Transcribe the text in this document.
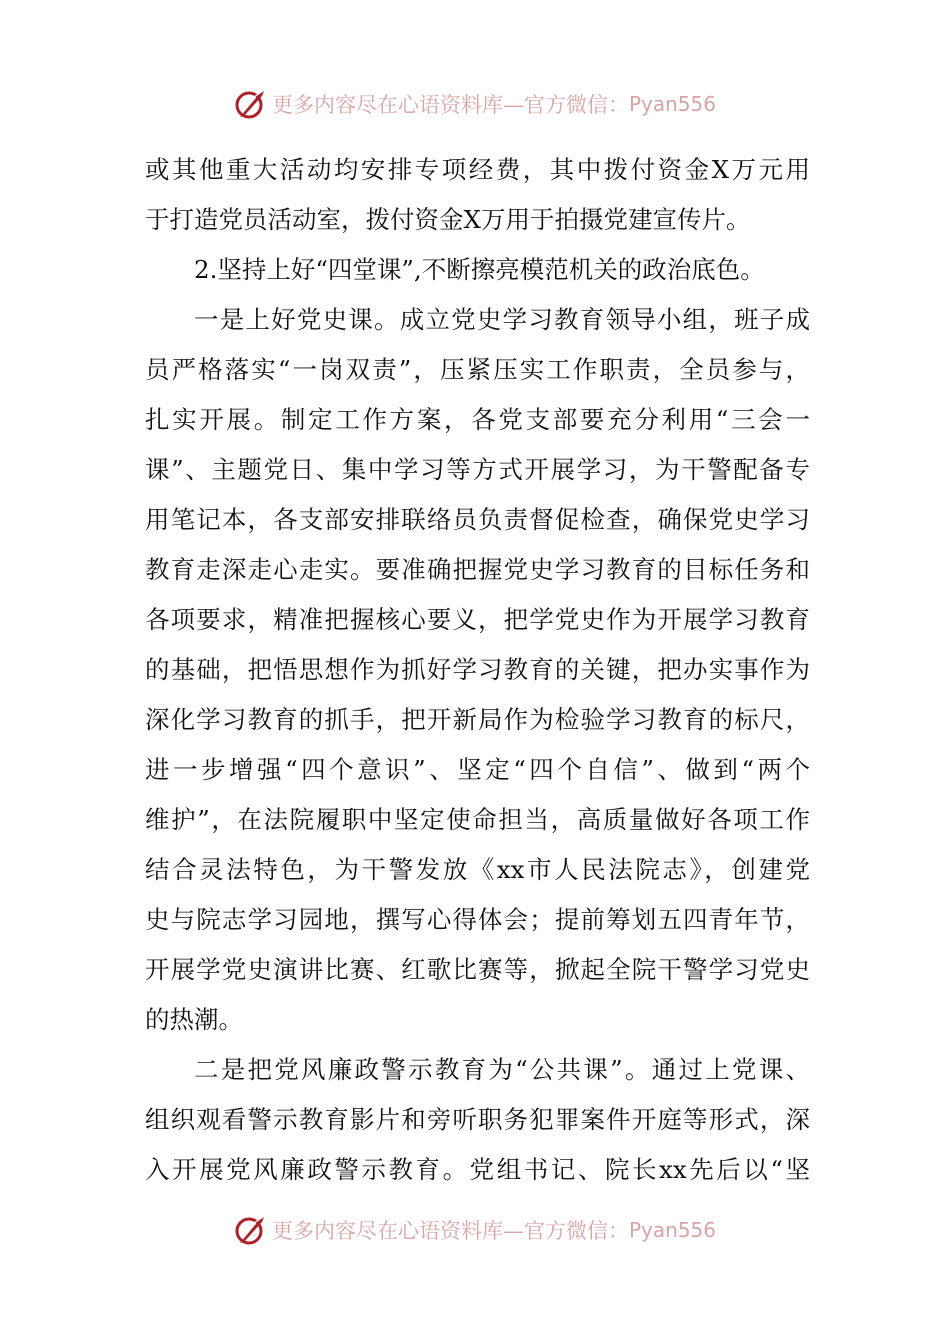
更多内容尽在心语资料库—官方微信： Pyan556
或其他重大活动均安排专项经费，其中拨付资金X万元用
于打造党员活动室，拨付资金X万用于拍摄党建宣传片。
2.坚持上好“四堂课”,不断擦亮模范机关的政治底色。
一是上好党史课。成立党史学习教育领导小组，班子成
员严格落实“一岗双责”，压紧压实工作职责，全员参与，
扎实开展。制定工作方案，各党支部要充分利用“三会一
课”、主题党日、集中学习等方式开展学习，为干警配备专
用笔记本，各支部安排联络员负责督促检查，确保党史学习
教育走深走心走实。要准确把握党史学习教育的目标任务和
各项要求，精准把握核心要义，把学党史作为开展学习教育
的基础，把悟思想作为抓好学习教育的关键，把办实事作为
深化学习教育的抓手，把开新局作为检验学习教育的标尺，
进一步增强“四个意识”、坚定“四个自信”、做到“两个
维护”，在法院履职中坚定使命担当，高质量做好各项工作
结合灵法特色，为干警发放《xx市人民法院志》，创建党
史与院志学习园地，撰写心得体会；提前筹划五四青年节，
开展学党史演讲比赛、红歌比赛等，掀起全院干警学习党史
的热潮。
二是把党风廉政警示教育为“公共课”。通过上党课、
组织观看警示教育影片和旁听职务犯罪案件开庭等形式，深
入开展党风廉政警示教育。党组书记、院长xx先后以“坚
更多内容尽在心语资料库—官方微信： Pyan556
